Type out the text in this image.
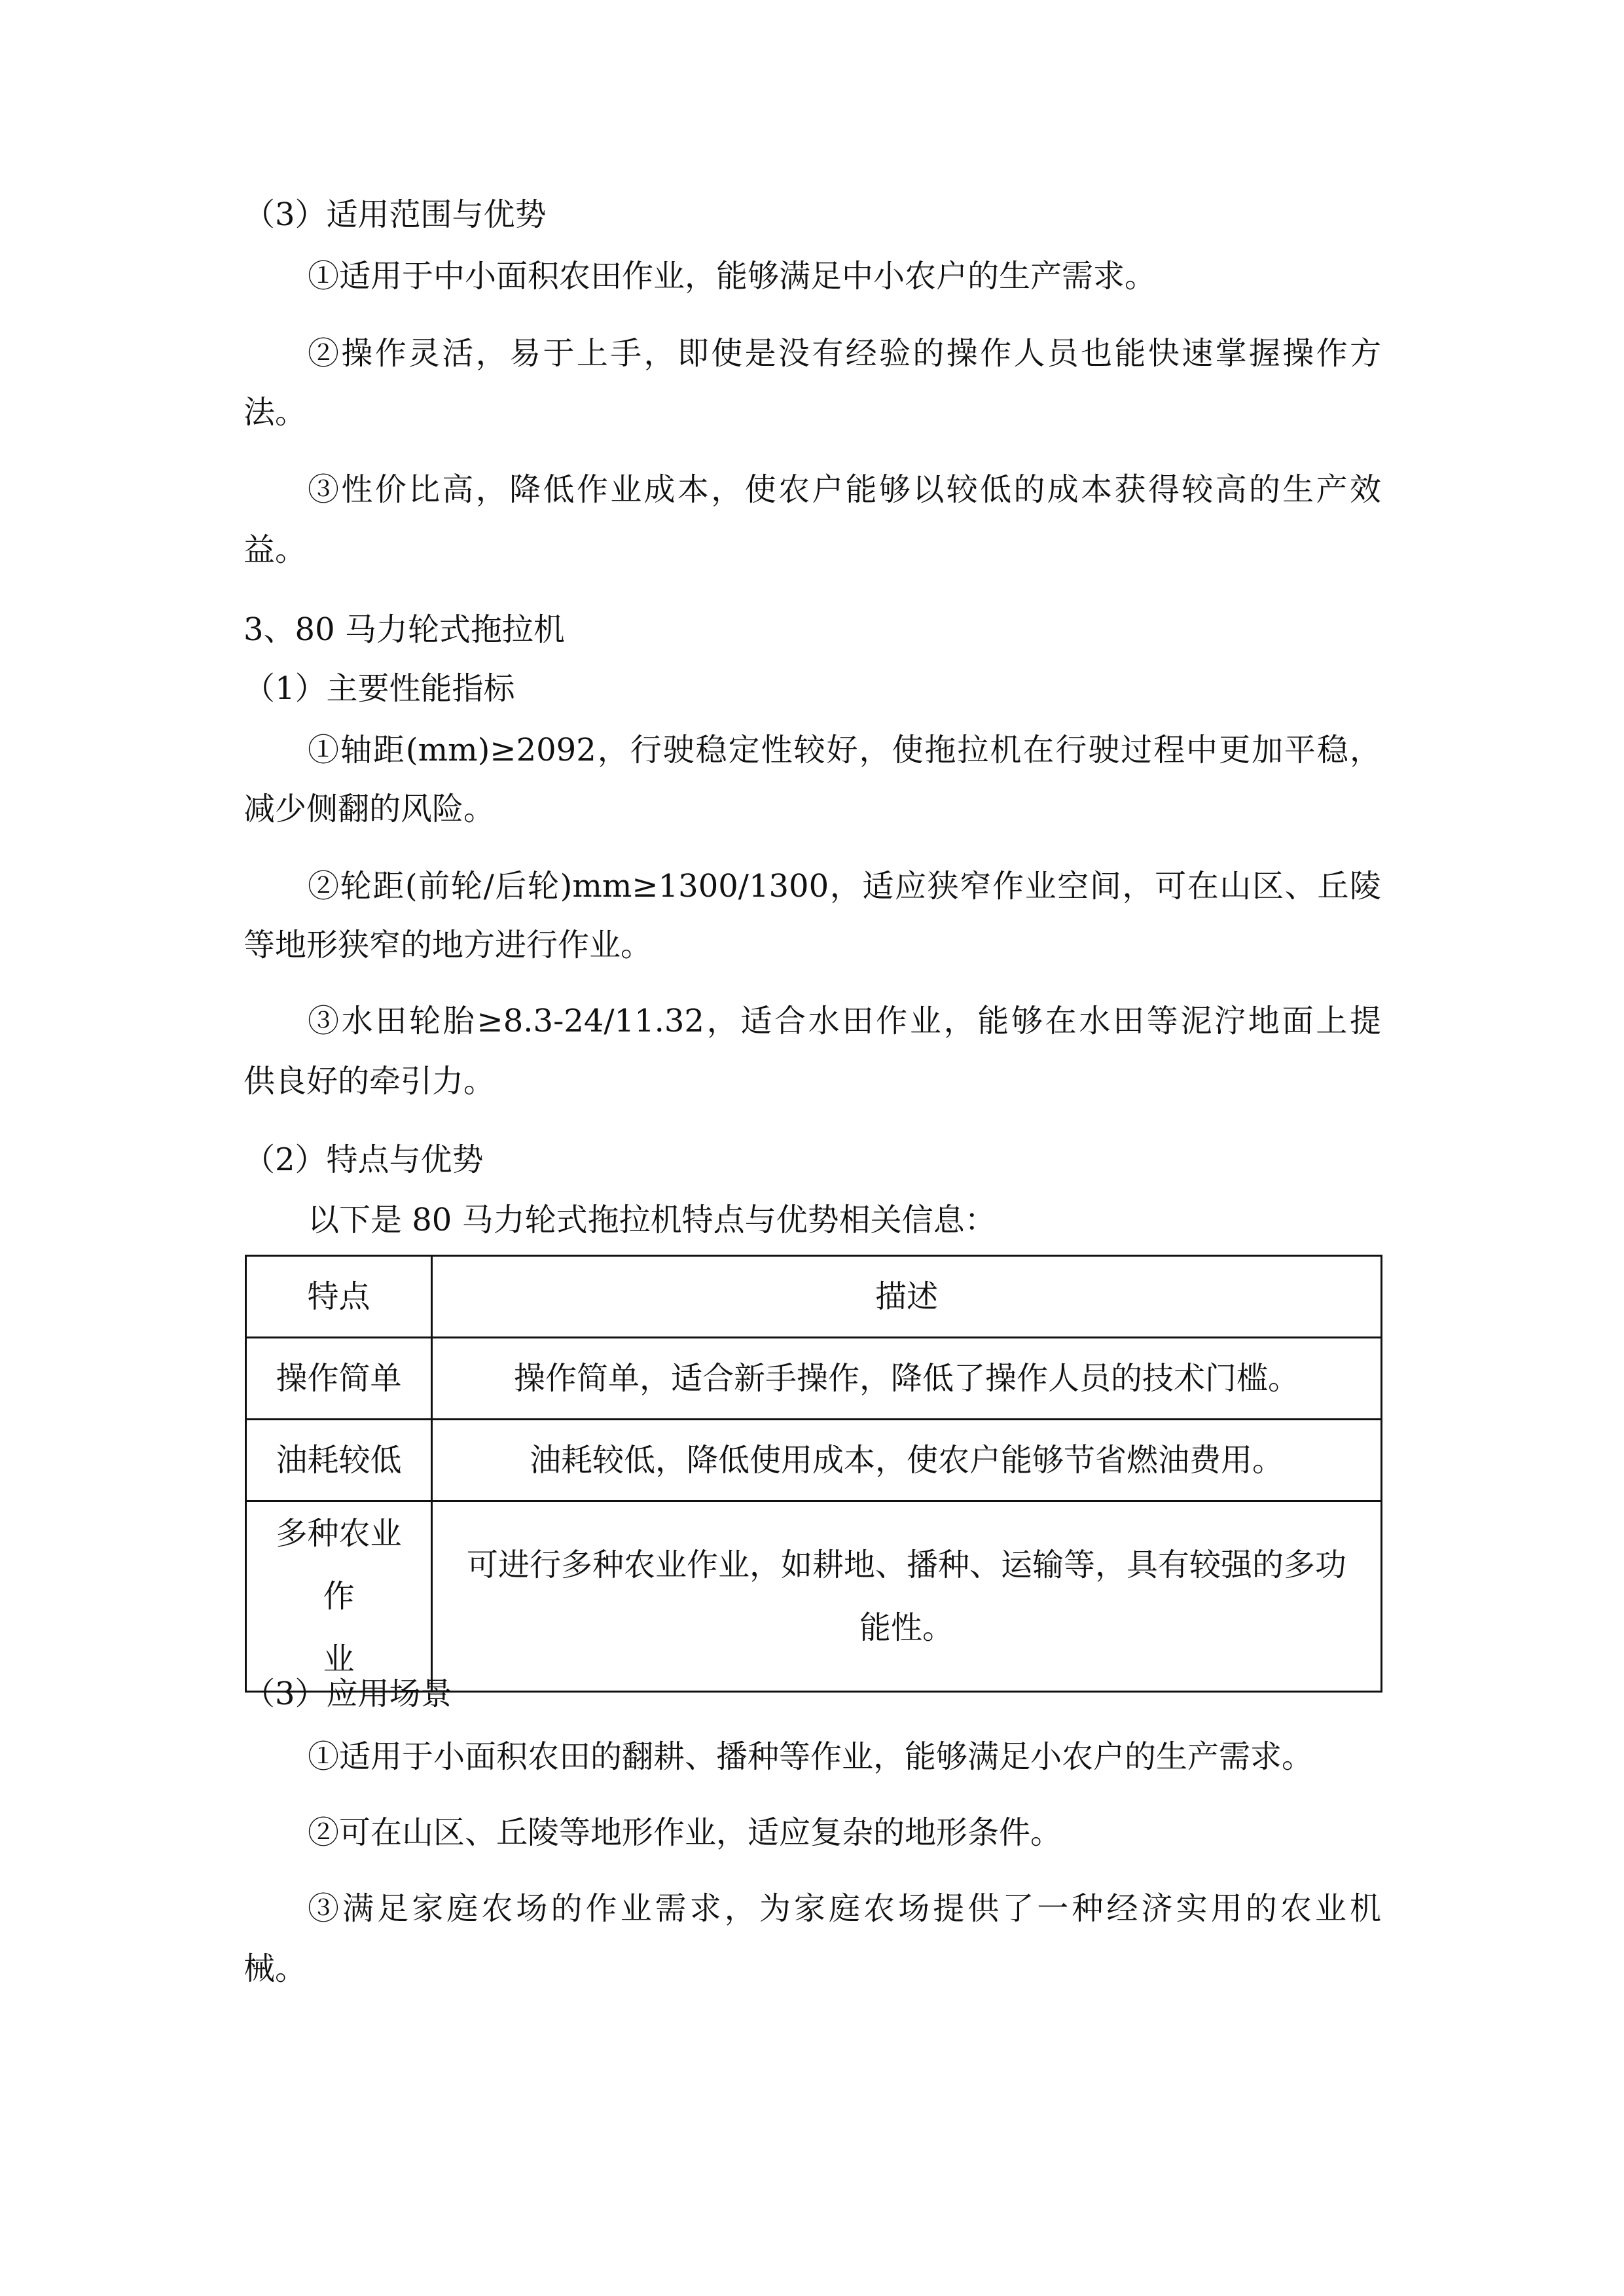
（3）适用范围与优势

①适用于中小面积农田作业，能够满足中小农户的生产需求。

②操作灵活，易于上手，即使是没有经验的操作人员也能快速掌握操作方

法。

③性价比高，降低作业成本，使农户能够以较低的成本获得较高的生产效

益。

3、80 马力轮式拖拉机

（1）主要性能指标

①轴距(mm)≥2092，行驶稳定性较好，使拖拉机在行驶过程中更加平稳，

减少侧翻的风险。

②轮距(前轮/后轮)mm≥1300/1300，适应狭窄作业空间，可在山区、丘陵

等地形狭窄的地方进行作业。

③水田轮胎≥8.3-24/11.32，适合水田作业，能够在水田等泥泞地面上提

供良好的牵引力。

（2）特点与优势

以下是 80 马力轮式拖拉机特点与优势相关信息：

特点	描述
操作简单	操作简单，适合新手操作，降低了操作人员的技术门槛。
油耗较低	油耗较低，降低使用成本，使农户能够节省燃油费用。

多种农业作
业	可进行多种农业作业，如耕地、播种、运输等，具有较强的多功
能性。

（3）应用场景

①适用于小面积农田的翻耕、播种等作业，能够满足小农户的生产需求。

②可在山区、丘陵等地形作业，适应复杂的地形条件。

③满足家庭农场的作业需求，为家庭农场提供了一种经济实用的农业机

械。
